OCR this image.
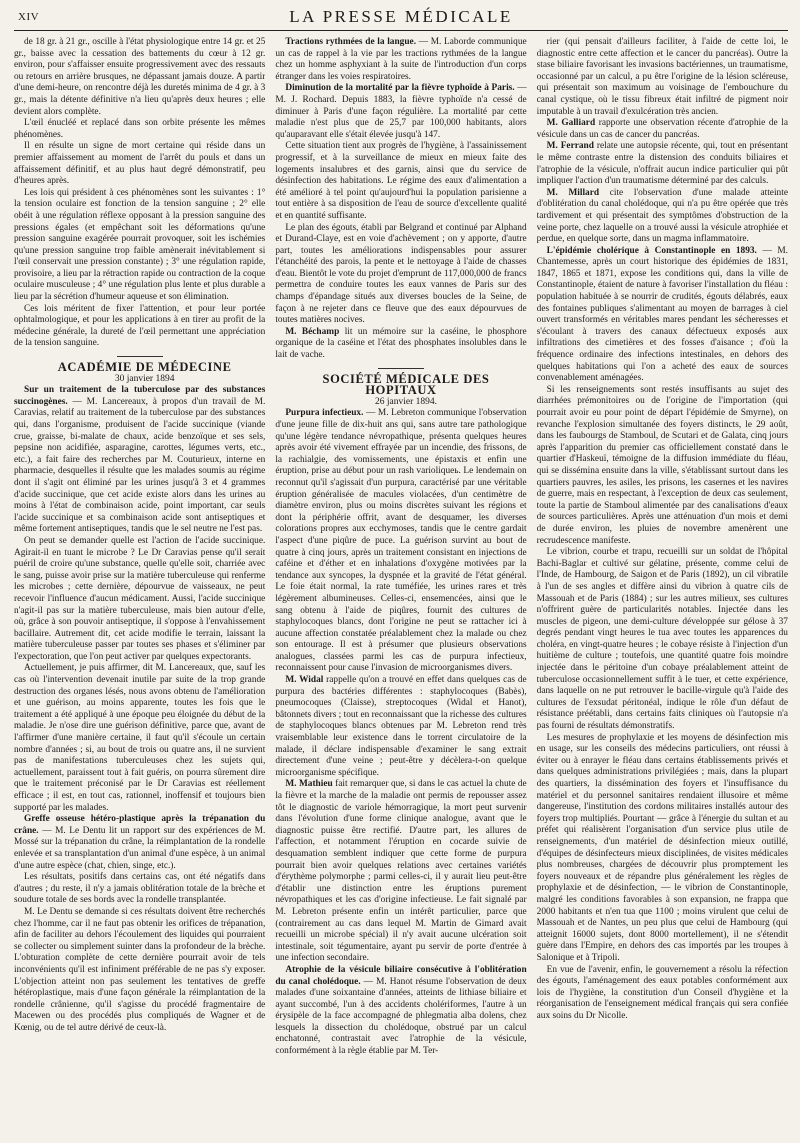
XIV	LA PRESSE MÉDICALE

de 18 gr. à 21 gr., oscille à l'état physiologique entre 14 gr. et 25 gr., baisse avec la cessation des battements du cœur à 12 gr. environ, pour s'affaisser ensuite progressivement avec des ressauts ou retours en arrière brusques, ne dépassant jamais douze. A partir d'une demi-heure, on rencontre déjà les duretés minima de 4 gr. à 3 gr., mais la détente définitive n'a lieu qu'après deux heures ; elle devient alors complète.

L'œil énucléé et replacé dans son orbite présente les mêmes phénomènes.

Il en résulte un signe de mort certaine qui réside dans un premier affaissement au moment de l'arrêt du pouls et dans un affaissement définitif, et au plus haut degré démonstratif, peu d'heures après.

Les lois qui président à ces phénomènes sont les suivantes : 1° la tension oculaire est fonction de la tension sanguine ; 2° elle obéit à une régulation réflexe opposant à la pression sanguine des pressions égales (et empêchant soit les déformations qu'une pression sanguine exagérée pourrait provoquer, soit les ischémies qu'une pression sanguine trop faible amènerait inévitablement si l'œil conservait une pression constante) ; 3° une régulation rapide, provisoire, a lieu par la rétraction rapide ou contraction de la coque oculaire musculeuse ; 4° une régulation plus lente et plus durable a lieu par la sécrétion d'humeur aqueuse et son élimination.

Ces lois méritent de fixer l'attention, et pour leur portée ophtalmologique, et pour les applications à en tirer au profit de la médecine générale, la dureté de l'œil permettant une appréciation de la tension sanguine.

ACADÉMIE DE MÉDECINE

30 janvier 1894

Sur un traitement de la tuberculose par des substances succinogènes. — M. Lancereaux, à propos d'un travail de M. Caravias, relatif au traitement de la tuberculose par des substances qui, dans l'organisme, produisent de l'acide succinique (viande crue, graisse, bi-malate de chaux, acide benzoïque et ses sels, pepsine non acidifiée, asparagine, carottes, légumes verts, etc., etc.), a fait faire des recherches par M. Couturieux, interne en pharmacie, desquelles il résulte que les malades soumis au régime dont il s'agit ont éliminé par les urines jusqu'à 3 et 4 grammes d'acide succinique, que cet acide existe alors dans les urines au moins à l'état de combinaison acide, point important, car seuls l'acide succinique et sa combinaison acide sont antiseptiques et même fortement antiseptiques, tandis que le sel neutre ne l'est pas.

On peut se demander quelle est l'action de l'acide succinique. Agirait-il en tuant le microbe ? Le Dr Caravias pense qu'il serait puéril de croire qu'une substance, quelle qu'elle soit, charriée avec le sang, puisse avoir prise sur la matière tuberculeuse qui renferme les microbes ; cette dernière, dépourvue de vaisseaux, ne peut recevoir l'influence d'aucun médicament. Aussi, l'acide succinique n'agit-il pas sur la matière tuberculeuse, mais bien autour d'elle, où, grâce à son pouvoir antiseptique, il s'oppose à l'envahissement bacillaire. Autrement dit, cet acide modifie le terrain, laissant la matière tuberculeuse passer par toutes ses phases et s'éliminer par l'expectoration, que l'on peut activer par quelques expectorants.

Actuellement, je puis affirmer, dit M. Lancereaux, que, sauf les cas où l'intervention devenait inutile par suite de la trop grande destruction des organes lésés, nous avons obtenu de l'amélioration et une guérison, au moins apparente, toutes les fois que le traitement a été appliqué à une époque peu éloignée du début de la maladie. Je n'ose dire une guérison définitive, parce que, avant de l'affirmer d'une manière certaine, il faut qu'il s'écoule un certain nombre d'années ; si, au bout de trois ou quatre ans, il ne survient pas de manifestations tuberculeuses chez les sujets qui, actuellement, paraissent tout à fait guéris, on pourra sûrement dire que le traitement préconisé par le Dr Caravias est réellement efficace ; il est, en tout cas, rationnel, inoffensif et toujours bien supporté par les malades.

Greffe osseuse hétéro-plastique après la trépanation du crâne. — M. Le Dentu lit un rapport sur des expériences de M. Mossé sur la trépanation du crâne, la réimplantation de la rondelle enlevée et sa transplantation d'un animal d'une espèce, à un animal d'une autre espèce (chat, chien, singe, etc.).

Les résultats, positifs dans certains cas, ont été négatifs dans d'autres ; du reste, il n'y a jamais oblitération totale de la brèche et soudure totale de ses bords avec la rondelle transplantée.

M. Le Dentu se demande si ces résultats doivent être recherchés chez l'homme, car il ne faut pas obtenir les orifices de trépanation, afin de faciliter au dehors l'écoulement des liquides qui pourraient se collecter ou simplement suinter dans la profondeur de la brèche. L'obturation complète de cette dernière pourrait avoir de tels inconvénients qu'il est infiniment préférable de ne pas s'y exposer. L'objection atteint non pas seulement les tentatives de greffe hétéroplastique, mais d'une façon générale la réimplantation de la rondelle crânienne, qu'il s'agisse du procédé fragmentaire de Macewen ou des procédés plus compliqués de Wagner et de Kœnig, ou de tel autre dérivé de ceux-là.

Tractions rythmées de la langue. — M. Laborde communique un cas de rappel à la vie par les tractions rythmées de la langue chez un homme asphyxiant à la suite de l'introduction d'un corps étranger dans les voies respiratoires.

Diminution de la mortalité par la fièvre typhoïde à Paris. — M. J. Rochard. Depuis 1883, la fièvre typhoïde n'a cessé de diminuer à Paris d'une façon régulière. La mortalité par cette maladie n'est plus que de 25,7 par 100,000 habitants, alors qu'auparavant elle s'était élevée jusqu'à 147.

Cette situation tient aux progrès de l'hygiène, à l'assainissement progressif, et à la surveillance de mieux en mieux faite des logements insalubres et des garnis, ainsi que du service de désinfection des habitations. Le régime des eaux d'alimentation a été amélioré à tel point qu'aujourd'hui la population parisienne a tout entière à sa disposition de l'eau de source d'excellente qualité et en quantité suffisante.

Le plan des égouts, établi par Belgrand et continué par Alphand et Durand-Claye, est en voie d'achèvement ; on y apporte, d'autre part, toutes les améliorations indispensables pour assurer l'étanchéité des parois, la pente et le nettoyage à l'aide de chasses d'eau. Bientôt le vote du projet d'emprunt de 117,000,000 de francs permettra de conduire toutes les eaux vannes de Paris sur des champs d'épandage situés aux diverses boucles de la Seine, de façon à ne rejeter dans ce fleuve que des eaux dépourvues de toutes matières nocives.

M. Béchamp lit un mémoire sur la caséine, le phosphore organique de la caséine et l'état des phosphates insolubles dans le lait de vache.

SOCIÉTÉ MÉDICALE DES HOPITAUX

26 janvier 1894.

Purpura infectieux. — M. Lebreton communique l'observation d'une jeune fille de dix-huit ans qui, sans autre tare pathologique qu'une légère tendance névropathique, présenta quelques heures après avoir été vivement effrayée par un incendie, des frissons, de la rachialgie, des vomissements, une épistaxis et enfin une éruption, prise au début pour un rash varioliqueь. Le lendemain on reconnut qu'il s'agissait d'un purpura, caractérisé par une véritable éruption généralisée de macules violacées, d'un centimètre de diamètre environ, plus ou moins discrètes suivant les régions et dont la périphérie offrit, avant de desquamer, les diverses colorations propres aux ecchymoses, tandis que le centre gardait l'aspect d'une piqûre de puce. La guérison survint au bout de quatre à cinq jours, après un traitement consistant en injections de caféine et d'éther et en inhalations d'oxygène motivées par la tendance aux syncopes, la dyspnée et la gravité de l'état général. Le foie était normal, la rate tuméfiée, les urines rares et très légèrement albumineuses. Celles-ci, ensemencées, ainsi que le sang obtenu à l'aide de piqûres, fournit des cultures de staphylocoques blancs, dont l'origine ne peut se rattacher ici à aucune affection constatée préalablement chez la malade ou chez son entourage. Il est à présumer que plusieurs observations analogues, classées parmi les cas de purpura infectieux, reconnaissent pour cause l'invasion de microorganismes divers.

M. Widal rappelle qu'on a trouvé en effet dans quelques cas de purpura des bactéries différentes : staphylocoques (Babès), pneumocoques (Claisse), streptocoques (Widal et Hanot), bâtonnets divers ; tout en reconnaissant que la richesse des cultures de staphylocoques blancs obtenues par M. Lebreton rend très vraisemblable leur existence dans le torrent circulatoire de la malade, il déclare indispensable d'examiner le sang extrait directement d'une veine ; peut-être y décèlera-t-on quelque microorganisme spécifique.

M. Mathieu fait remarquer que, si dans le cas actuel la chute de la fièvre et la marche de la maladie ont permis de repousser assez tôt le diagnostic de variole hémorragique, la mort peut survenir dans l'évolution d'une forme clinique analogue, avant que le diagnostic puisse être rectifié. D'autre part, les allures de l'affection, et notamment l'éruption en cocarde suivie de desquamation semblent indiquer que cette forme de purpura pourrait bien avoir quelques relations avec certaines variétés d'érythème polymorphe ; parmi celles-ci, il y aurait lieu peut-être d'établir une distinction entre les éruptions purement névropathiques et les cas d'origine infectieuse. Le fait signalé par M. Lebreton présente enfin un intérêt particulier, parce que (contrairement au cas dans lequel M. Martin de Gimard avait recueilli un microbe spécial) il n'y avait aucune ulcération soit intestinale, soit tégumentaire, ayant pu servir de porte d'entrée à une infection secondaire.

Atrophie de la vésicule biliaire consécutive à l'oblitération du canal cholédoque. — M. Hanot résume l'observation de deux malades d'une soixantaine d'années, atteints de lithiase biliaire et ayant succombé, l'un à des accidents cholériformes, l'autre à un érysipèle de la face accompagné de phlegmatia alba dolens, chez lesquels la dissection du cholédoque, obstrué par un calcul enchatonné, contrastait avec l'atrophie de la vésicule, conformément à la règle établie par M. Ter-

rier (qui pensait d'ailleurs faciliter, à l'aide de cette loi, le diagnostic entre cette affection et le cancer du pancréas). Outre la stase biliaire favorisant les invasions bactériennes, un traumatisme, occasionné par un calcul, a pu être l'origine de la lésion scléreuse, qui présentait son maximum au voisinage de l'embouchure du canal cystique, où le tissu fibreux était infiltré de pigment noir imputable à un travail d'exulcération très ancien.

M. Galliard rapporte une observation récente d'atrophie de la vésicule dans un cas de cancer du pancréas.

M. Ferrand relate une autopsie récente, qui, tout en présentant le même contraste entre la distension des conduits biliaires et l'atrophie de la vésicule, n'offrait aucun indice particulier qui pût impliquer l'action d'un traumatisme déterminé par des calculs.

M. Millard cite l'observation d'une malade atteinte d'oblitération du canal cholédoque, qui n'a pu être opérée que très tardivement et qui présentait des symptômes d'obstruction de la veine porte, chez laquelle on a trouvé aussi la vésicule atrophiée et perdue, en quelque sorte, dans un magma inflammatoire.

L'épidémie cholérique à Constantinople en 1893. — M. Chantemesse, après un court historique des épidémies de 1831, 1847, 1865 et 1871, expose les conditions qui, dans la ville de Constantinople, étaient de nature à favoriser l'installation du fléau : population habituée à se nourrir de crudités, égouts délabrés, eaux des fontaines publiques s'alimentant au moyen de barrages à ciel ouvert transformés en véritables mares pendant les sécheresses et s'écoulant à travers des canaux défectueux exposés aux infiltrations des cimetières et des fosses d'aisance ; d'où la fréquence ordinaire des infections intestinales, en dehors des quelques habitations qui l'on a acheté des eaux de sources convenablement aménagées.

Si les renseignements sont restés insuffisants au sujet des diarrhées prémonitoires ou de l'origine de l'importation (qui pourrait avoir eu pour point de départ l'épidémie de Smyrne), on revanche l'explosion simultanée des foyers distincts, le 29 août, dans les faubourgs de Stamboul, de Scutari et de Galata, cinq jours après l'apparition du premier cas officiellement constaté dans le quartier d'Haskeuï, témoigne de la diffusion immédiate du fléau, qui se dissémina ensuite dans la ville, s'établissant surtout dans les quartiers pauvres, les asiles, les prisons, les casernes et les navires de guerre, mais en respectant, à l'exception de deux cas seulement, toute la partie de Stamboul alimentée par des canalisations d'eaux de sources particulières. Après une atténuation d'un mois et demi de durée environ, les pluies de novembre amenèrent une recrudescence manifeste.

Le vibrion, courbe et trapu, recueilli sur un soldat de l'hôpital Bachi-Baglar et cultivé sur gélatine, présente, comme celui de l'Inde, de Hambourg, de Saigon et de Paris (1892), un cil vibratile à l'un de ses angles et diffère ainsi du vibrion à quatre cils de Massouah et de Paris (1884) ; sur les autres milieux, ses cultures n'offrirent guère de particularités notables. Injectée dans les muscles de pigeon, une demi-culture développée sur gélose à 37 degrés pendant vingt heures le tua avec toutes les apparences du choléra, en vingt-quatre heures ; le cobaye résiste à l'injection d'un huitième de culture ; toutefois, une quantité quatre fois moindre injectée dans le péritoine d'un cobaye préalablement atteint de tuberculose occasionnellement suffit à le tuer, et cette expérience, dans laquelle on ne put retrouver le bacille-virgule qu'à l'aide des cultures de l'exsudat péritonéal, indique le rôle d'un défaut de résistance préétabli, dans certains faits cliniques où l'autopsie n'a pas fourni de résultats démonstratifs.

Les mesures de prophylaxie et les moyens de désinfection mis en usage, sur les conseils des médecins particuliers, ont réussi à éviter ou à enrayer le fléau dans certains établissements privés et dans quelques administrations privilégiées ; mais, dans la plupart des quartiers, la dissémination des foyers et l'insuffisance du matériel et du personnel sanitaires rendaient illusoire et même dangereuse, l'institution des cordons militaires installés autour des foyers trop multipliés. Pourtant — grâce à l'énergie du sultan et au préfet qui réalisèrent l'organisation d'un service plus utile de renseignements, d'un matériel de désinfection mieux outillé, d'équipes de désinfecteurs mieux disciplinées, de visites médicales plus nombreuses, chargées de découvrir plus promptement les foyers nouveaux et de répandre plus généralement les règles de prophylaxie et de désinfection, — le vibrion de Constantinople, malgré les conditions favorables à son expansion, ne frappa que 2000 habitants et n'en tua que 1100 ; moins virulent que celui de Massouah et de Nantes, un peu plus que celui de Hambourg (qui atteignit 16000 sujets, dont 8000 mortellement), il ne s'étendit guère dans l'Empire, en dehors des cas importés par les troupes à Salonique et à Tripoli.

En vue de l'avenir, enfin, le gouvernement a résolu la réfection des égouts, l'aménagement des eaux potables conformément aux lois de l'hygiène, la constitution d'un Conseil d'hygiène et la réorganisation de l'enseignement médical français qui sera confiée aux soins du Dr Nicolle.
